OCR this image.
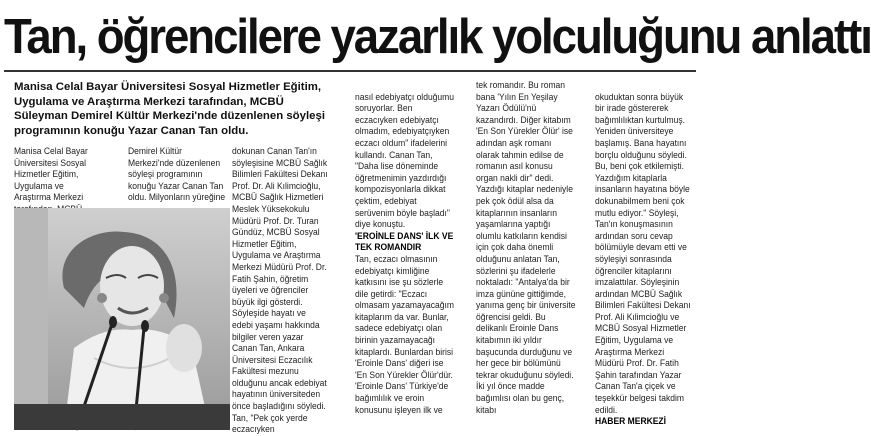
Tan, öğrencilere yazarlık yolculuğunu anlattı
Manisa Celal Bayar Üniversitesi Sosyal Hizmetler Eğitim, Uygulama ve Araştırma Merkezi tarafından, MCBÜ Süleyman Demirel Kültür Merkezi'nde düzenlenen söyleşi programının konuğu Yazar Canan Tan oldu.
Manisa Celal Bayar Üniversitesi Sosyal Hizmetler Eğitim, Uygulama ve Araştırma Merkezi
Demirel Kültür Merkezi'nde düzenlenen söyleşi programının konuğu Yazar Canan Tan oldu. Milyonların yüreğine
dokunan Canan Tan'ın söyleşisine MCBÜ Sağlık Bilimleri Fakültesi Dekanı Prof. Dr. Ali Kılimcioğlu, MCBÜ Sağlık Hizmetleri Meslek Yüksekokulu Müdürü Prof. Dr. Turan Gündüz, MCBÜ Sosyal Hizmetler Eğitim, Uygulama ve Araştırma Merkezi Müdürü Prof. Dr. Fatih Şahin, öğretim üyeleri ve öğrenciler büyük ilgi gösterdi. Söyleşide hayatı ve edebi yaşamı hakkında bilgiler veren yazar Canan Tan, Ankara Üniversitesi Eczacılık Fakültesi mezunu olduğunu ancak edebiyat hayatının üniversiteden önce başladığını söyledi. Tan, "Pek çok yerde eczacıyken

nasıl edebiyatçı olduğumu soruyorlar. Ben eczacıyken edebiyatçı olmadım, edebiyatçıyken eczacı oldum" ifadelerini kullandı. Canan Tan, "Daha lise döneminde öğretmenimin yazdırdığı kompozisyonlarla dikkat çektim, edebiyat serüvenim böyle başladı" diye konuştu.
'EROİNLE DANS' İLK VE TEK ROMANDIR
Tan, eczacı olmasının edebiyatçı kimliğine katkısını ise şu sözlerle dile getirdi: "Eczacı olmasam yazamayacağım kitaplarım da var. Bunlar, sadece edebiyatçı olan birinin yazamayacağı kitaplardı. Bunlardan birisi 'Eroinle Dans' diğeri ise 'En Son Yürekler Ölür'dür. 'Eroinle Dans' Türkiye'de bağımlılık ve eroin konusunu işleyen ilk ve

tek romandır. Bu roman bana 'Yılın En Yeşilay Yazarı Ödülü'nü kazandırdı. Diğer kitabım 'En Son Yürekler Ölür' ise adından aşk romanı olarak tahmin edilse de romanın asıl konusu organ nakli dir" dedi. Yazdığı kitaplar nedeniyle pek çok ödül alsa da kitaplarının insanların yaşamlarına yaptığı olumlu katkıların kendisi için çok daha önemli olduğunu anlatan Tan, sözlerini şu ifadelerle noktaladı: "Antalya'da bir imza gününe gittiğimde, yanıma genç bir üniversite öğrencisi geldi. Bu delikanlı Eroinle Dans kitabımın iki yıldır başucunda durduğunu ve her gece bir bölümünü tekrar okuduğunu söyledi. İki yıl önce madde bağımlısı olan bu genç, kitabı

okuduktan sonra büyük bir irade göstererek bağımlılıktan kurtulmuş. Yeniden üniversiteye başlamış. Bana hayatını borçlu olduğunu söyledi. Bu, beni çok etkilemişti. Yazdığım kitaplarla insanların hayatına böyle dokunabilmem beni çok mutlu ediyor." Söyleşi, Tan'ın konuşmasının ardından soru cevap bölümüyle devam etti ve söyleşiyi sonrasında öğrenciler kitaplarını imzalattılar. Söyleşinin ardından MCBÜ Sağlık Bilimleri Fakültesi Dekanı Prof. Ali Kılimcioğlu ve MCBÜ Sosyal Hizmetler Eğitim, Uygulama ve Araştırma Merkezi Müdürü Prof. Dr. Fatih Şahin tarafından Yazar Canan Tan'a çiçek ve teşekkür belgesi takdim edildi.
HABER MERKEZİ
